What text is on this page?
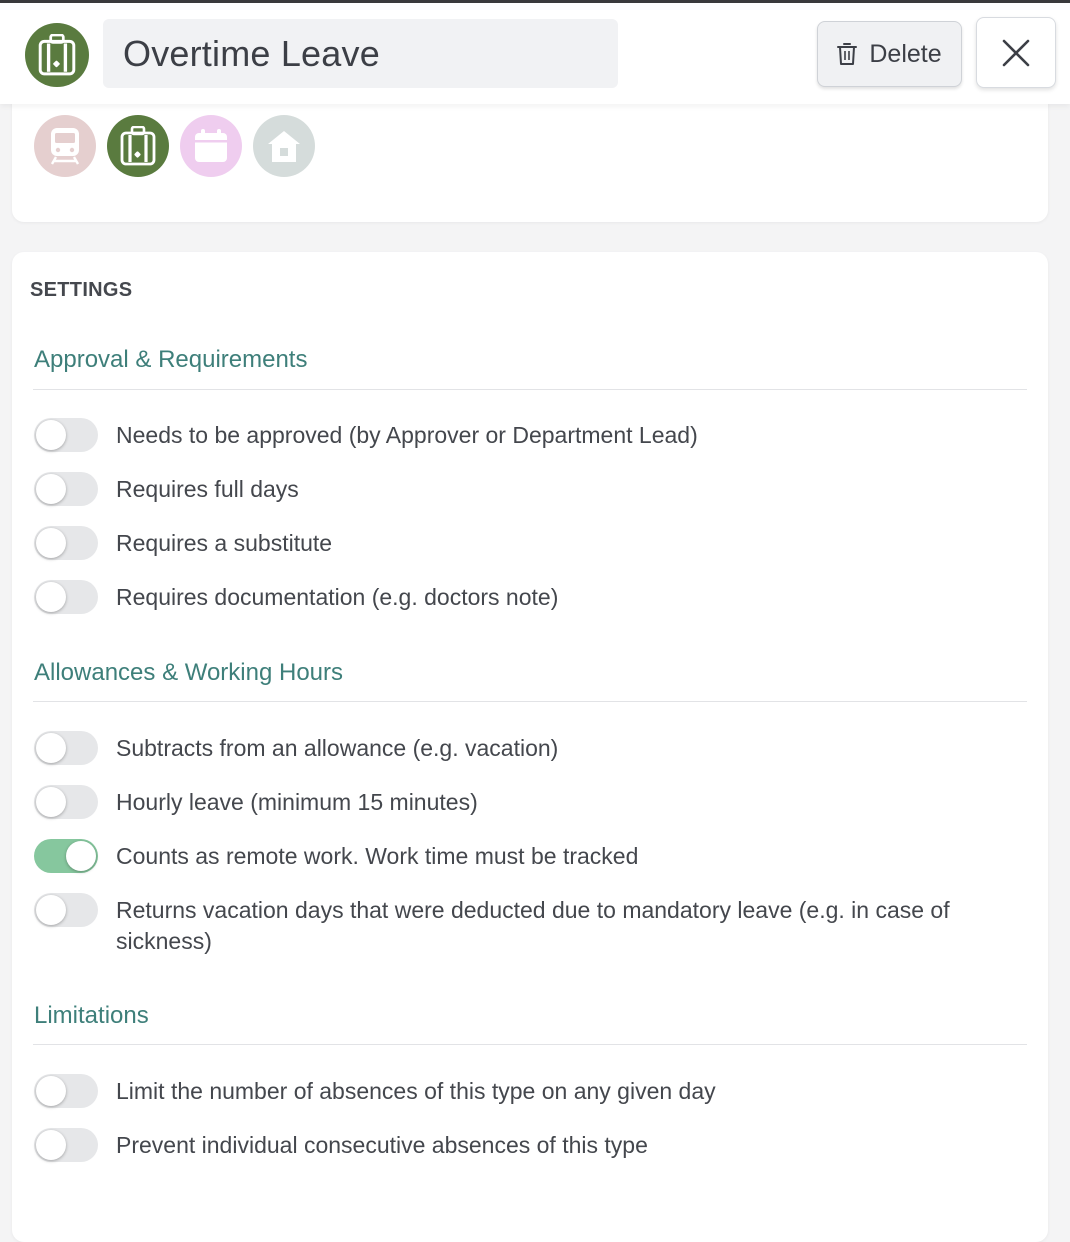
Overtime Leave
Delete
SETTINGS
Approval & Requirements
Needs to be approved (by Approver or Department Lead)
Requires full days
Requires a substitute
Requires documentation (e.g. doctors note)
Allowances & Working Hours
Subtracts from an allowance (e.g. vacation)
Hourly leave (minimum 15 minutes)
Counts as remote work. Work time must be tracked
Returns vacation days that were deducted due to mandatory leave (e.g. in case of sickness)
Limitations
Limit the number of absences of this type on any given day
Prevent individual consecutive absences of this type
